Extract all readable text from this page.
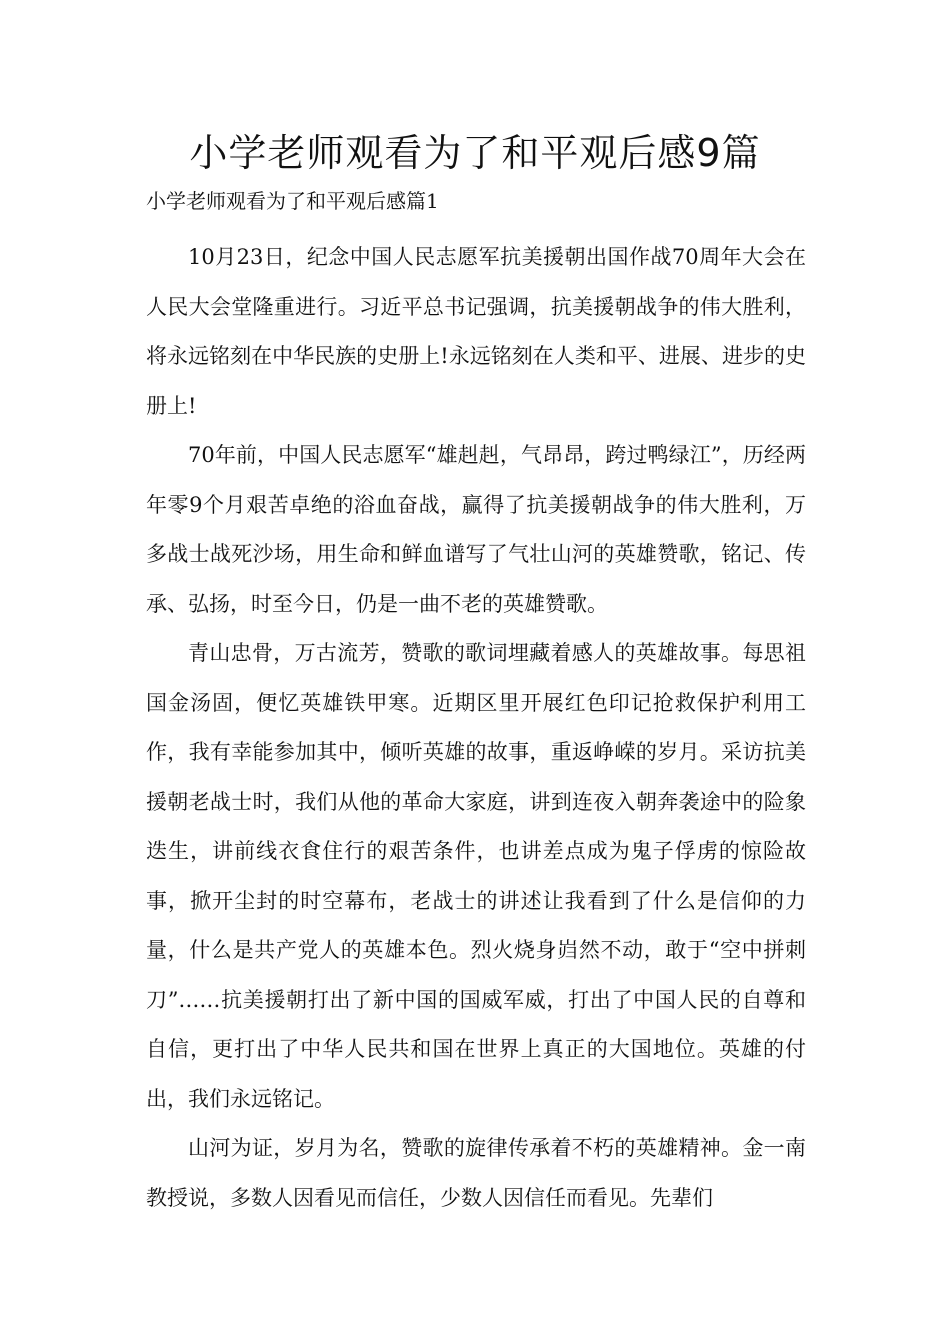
小学老师观看为了和平观后感9篇

小学老师观看为了和平观后感篇1

10月23日，纪念中国人民志愿军抗美援朝出国作战70周年大会在人民大会堂隆重进行。习近平总书记强调，抗美援朝战争的伟大胜利，将永远铭刻在中华民族的史册上!永远铭刻在人类和平、进展、进步的史册上!

70年前，中国人民志愿军“雄赳赳，气昂昂，跨过鸭绿江”，历经两年零9个月艰苦卓绝的浴血奋战，赢得了抗美援朝战争的伟大胜利，万多战士战死沙场，用生命和鲜血谱写了气壮山河的英雄赞歌，铭记、传承、弘扬，时至今日，仍是一曲不老的英雄赞歌。

青山忠骨，万古流芳，赞歌的歌词埋藏着感人的英雄故事。每思祖国金汤固，便忆英雄铁甲寒。近期区里开展红色印记抢救保护利用工作，我有幸能参加其中，倾听英雄的故事，重返峥嵘的岁月。采访抗美援朝老战士时，我们从他的革命大家庭，讲到连夜入朝奔袭途中的险象迭生，讲前线衣食住行的艰苦条件，也讲差点成为鬼子俘虏的惊险故事，掀开尘封的时空幕布，老战士的讲述让我看到了什么是信仰的力量，什么是共产党人的英雄本色。烈火烧身岿然不动，敢于“空中拼刺刀”……抗美援朝打出了新中国的国威军威，打出了中国人民的自尊和自信，更打出了中华人民共和国在世界上真正的大国地位。英雄的付出，我们永远铭记。

山河为证，岁月为名，赞歌的旋律传承着不朽的英雄精神。金一南教授说，多数人因看见而信任，少数人因信任而看见。先辈们
